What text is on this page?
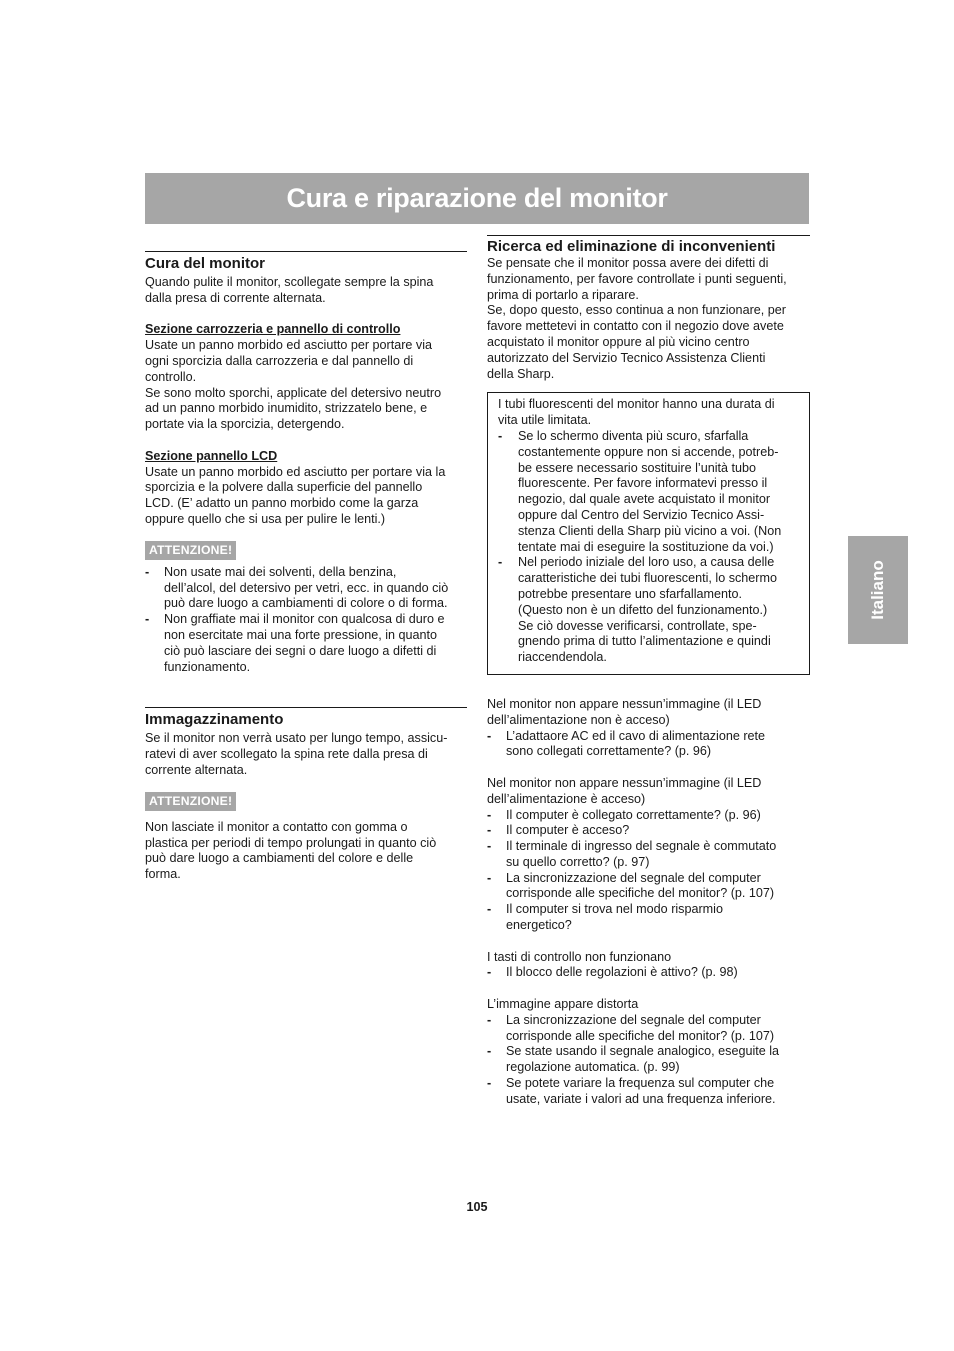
Cura e riparazione del monitor
Italiano
Cura del monitor

Quando pulite il monitor, scollegate sempre la spina
dalla presa di corrente alternata.

Sezione carrozzeria e pannello di controllo

Usate un panno morbido ed asciutto per portare via
ogni sporcizia dalla carrozzeria e dal pannello di
controllo.
Se sono molto sporchi, applicate del detersivo neutro
ad un panno morbido inumidito, strizzatelo bene, e
portate via la sporcizia, detergendo.

Sezione pannello LCD

Usate un panno morbido ed asciutto per portare via la
sporcizia e la polvere dalla superficie del pannello
LCD. (E’ adatto un panno morbido come la garza
oppure quello che si usa per pulire le lenti.)

ATTENZIONE!
- Non usate mai dei solventi, della benzina,
dell’alcol, del detersivo per vetri, ecc. in quando ciò
può dare luogo a cambiamenti di colore o di forma.
- Non graffiate mai il monitor con qualcosa di duro e
non esercitate mai una forte pressione, in quanto
ciò può lasciare dei segni o dare luogo a difetti di
funzionamento.
Immagazzinamento

Se il monitor non verrà usato per lungo tempo, assicu-
ratevi di aver scollegato la spina rete dalla presa di
corrente alternata.

ATTENZIONE!

Non lasciate il monitor a contatto con gomma o
plastica per periodi di tempo prolungati in quanto ciò
può dare luogo a cambiamenti del colore e delle
forma.

Ricerca ed eliminazione di inconvenienti

Se pensate che il monitor possa avere dei difetti di
funzionamento, per favore controllate i punti seguenti,
prima di portarlo a riparare.
Se, dopo questo, esso continua a non funzionare, per
favore mettetevi in contatto con il negozio dove avete
acquistato il monitor oppure al più vicino centro
autorizzato del Servizio Tecnico Assistenza Clienti
della Sharp.

I tubi fluorescenti del monitor hanno una durata di
vita utile limitata.

- Se lo schermo diventa più scuro, sfarfalla
costantemente oppure non si accende, potreb-
be essere necessario sostituire l’unità tubo
fluorescente. Per favore informatevi presso il
negozio, dal quale avete acquistato il monitor
oppure dal Centro del Servizio Tecnico Assi-
stenza Clienti della Sharp più vicino a voi. (Non
tentate mai di eseguire la sostituzione da voi.)
- Nel periodo iniziale del loro uso, a causa delle
caratteristiche dei tubi fluorescenti, lo schermo
potrebbe presentare uno sfarfallamento.
(Questo non è un difetto del funzionamento.)
Se ciò dovesse verificarsi, controllate, spe-
gnendo prima di tutto l’alimentazione e quindi
riaccendendola.

Nel monitor non appare nessun’immagine (il LED
dell’alimentazione non è acceso)

- L’adattaore AC ed il cavo di alimentazione rete
sono collegati correttamente? (p. 96)

Nel monitor non appare nessun’immagine (il LED
dell’alimentazione è acceso)

- Il computer è collegato correttamente? (p. 96)
- Il computer è acceso?
- Il terminale di ingresso del segnale è commutato
su quello corretto? (p. 97)
- La sincronizzazione del segnale del computer
corrisponde alle specifiche del monitor? (p. 107)
- Il computer si trova nel modo risparmio
energetico?

I tasti di controllo non funzionano

- Il blocco delle regolazioni è attivo? (p. 98)

L’immagine appare distorta

- La sincronizzazione del segnale del computer
corrisponde alle specifiche del monitor? (p. 107)
- Se state usando il segnale analogico, eseguite la
regolazione automatica. (p. 99)
- Se potete variare la frequenza sul computer che
usate, variate i valori ad una frequenza inferiore.
105
